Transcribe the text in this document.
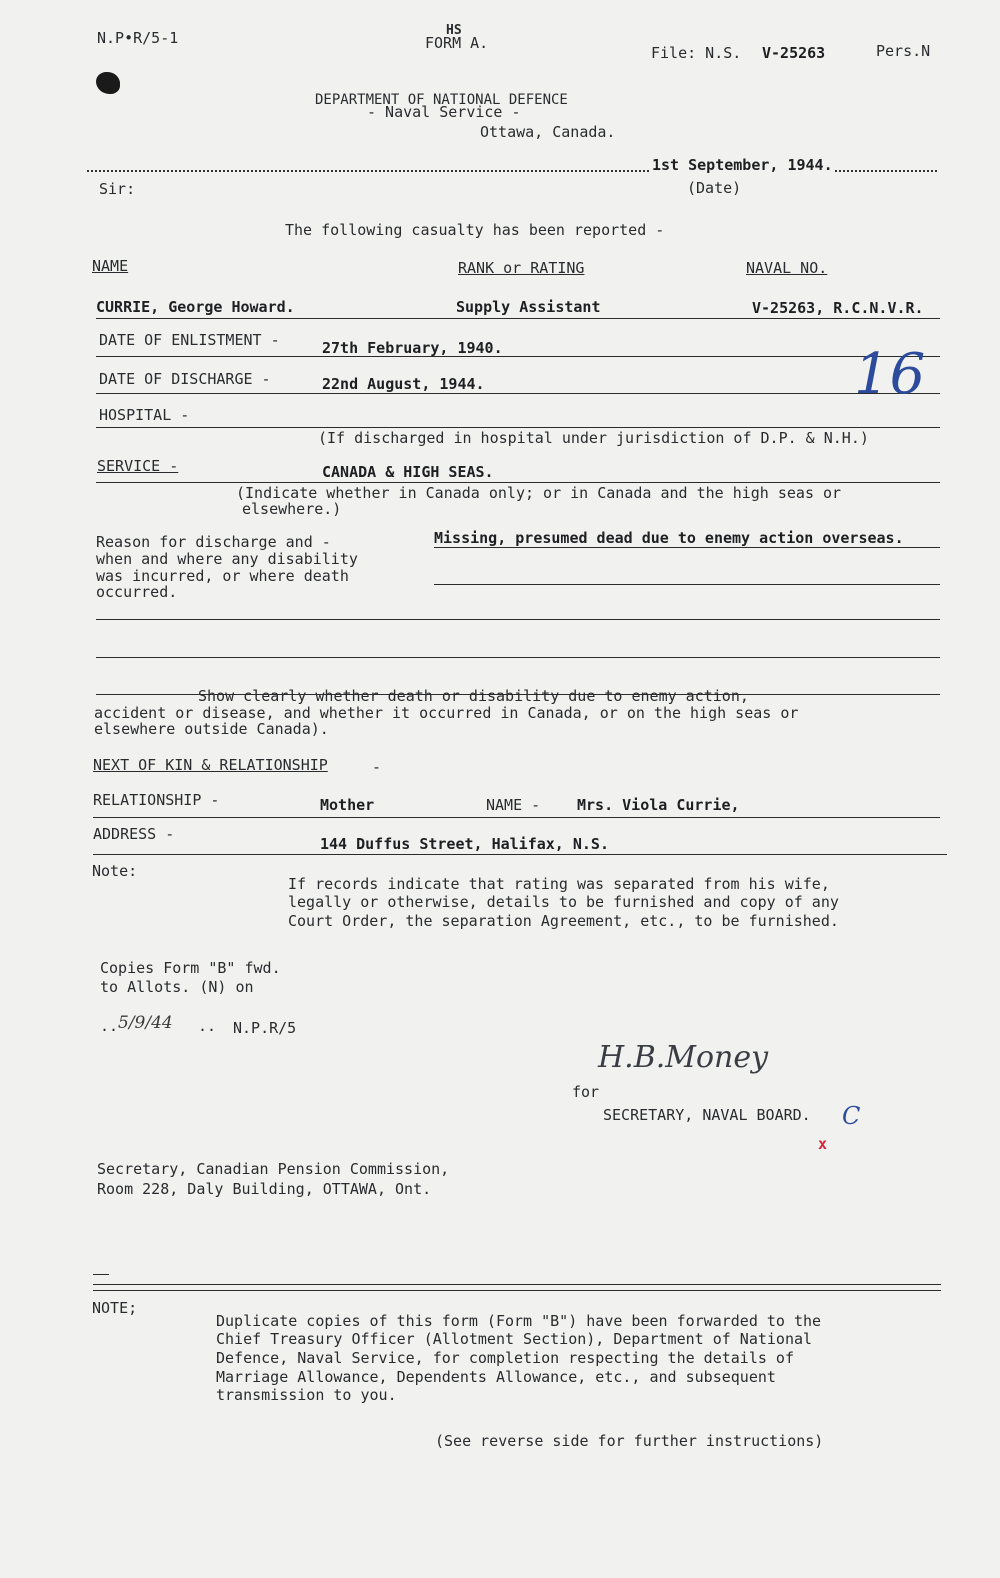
N.P•R/5-1	HS
FORM A.
File: N.S. V-25263	Pers.N
DEPARTMENT OF NATIONAL DEFENCE
- Naval Service -
Ottawa, Canada.
1st September, 1944.
(Date)
Sir:
The following casualty has been reported -
NAME	RANK or RATING	NAVAL NO.
CURRIE, George Howard.	Supply Assistant	V-25263, R.C.N.V.R.
DATE OF ENLISTMENT -	27th February, 1940.
DATE OF DISCHARGE -	22nd August, 1944.	16
HOSPITAL -
(If discharged in hospital under jurisdiction of D.P. & N.H.)
SERVICE -	CANADA & HIGH SEAS.
(Indicate whether in Canada only; or in Canada and the high seas or
elsewhere.)
Reason for discharge and -
when and where any disability
was incurred, or where death
occurred.
Missing, presumed dead due to enemy action overseas.
Show clearly whether death or disability due to enemy action,
accident or disease, and whether it occurred in Canada, or on the high seas or
elsewhere outside Canada).
NEXT OF KIN & RELATIONSHIP	-
RELATIONSHIP -	Mother	NAME - Mrs. Viola Currie,
ADDRESS -
144 Duffus Street, Halifax, N.S.
Note:
If records indicate that rating was separated from his wife,
legally or otherwise, details to be furnished and copy of any
Court Order, the separation Agreement, etc., to be furnished.
Copies Form "B" fwd.
to Allots. (N) on
.. 5/9/44 .. N.P.R/5
H.B.Money
for
SECRETARY, NAVAL BOARD. C
x
Secretary, Canadian Pension Commission,
Room 228, Daly Building, OTTAWA, Ont.
NOTE;
Duplicate copies of this form (Form "B") have been forwarded to the
Chief Treasury Officer (Allotment Section), Department of National
Defence, Naval Service, for completion respecting the details of
Marriage Allowance, Dependents Allowance, etc., and subsequent
transmission to you.
(See reverse side for further instructions)
